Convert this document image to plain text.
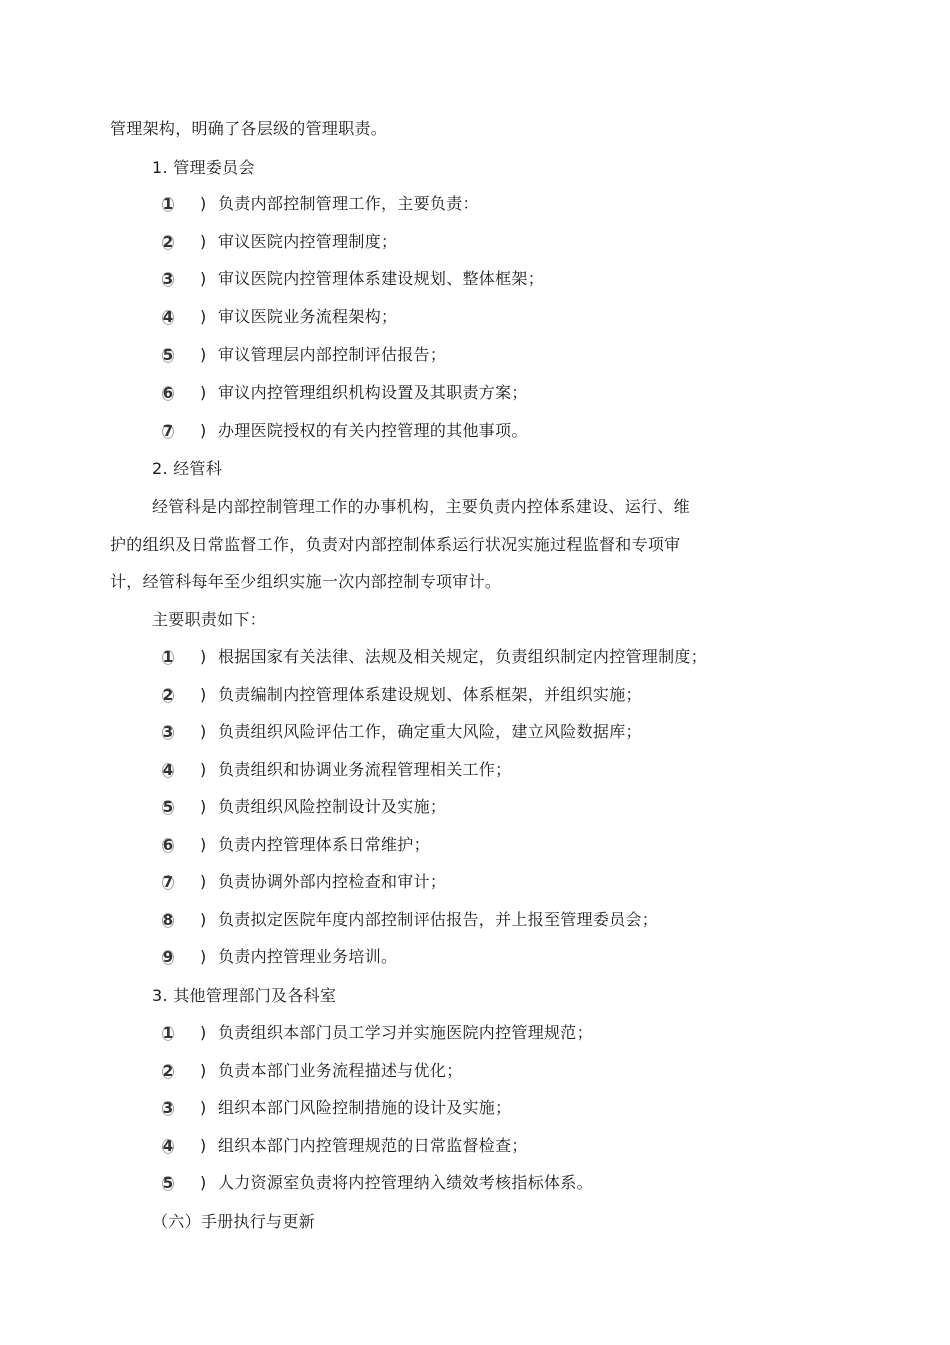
管理架构，明确了各层级的管理职责。
1. 管理委员会
1 ) 负责内部控制管理工作，主要负责：
2 ) 审议医院内控管理制度；
3 ) 审议医院内控管理体系建设规划、整体框架；
4 ) 审议医院业务流程架构；
5 ) 审议管理层内部控制评估报告；
6 ) 审议内控管理组织机构设置及其职责方案；
7 ) 办理医院授权的有关内控管理的其他事项。
2. 经管科
经管科是内部控制管理工作的办事机构，主要负责内控体系建设、运行、维
护的组织及日常监督工作，负责对内部控制体系运行状况实施过程监督和专项审
计，经管科每年至少组织实施一次内部控制专项审计。
主要职责如下：
1 ) 根据国家有关法律、法规及相关规定，负责组织制定内控管理制度；
2 ) 负责编制内控管理体系建设规划、体系框架，并组织实施；
3 ) 负责组织风险评估工作，确定重大风险，建立风险数据库；
4 ) 负责组织和协调业务流程管理相关工作；
5 ) 负责组织风险控制设计及实施；
6 ) 负责内控管理体系日常维护；
7 ) 负责协调外部内控检查和审计；
8 ) 负责拟定医院年度内部控制评估报告，并上报至管理委员会；
9 ) 负责内控管理业务培训。
3. 其他管理部门及各科室
1 ) 负责组织本部门员工学习并实施医院内控管理规范；
2 ) 负责本部门业务流程描述与优化；
3 ) 组织本部门风险控制措施的设计及实施；
4 ) 组织本部门内控管理规范的日常监督检查；
5 ) 人力资源室负责将内控管理纳入绩效考核指标体系。
（六）手册执行与更新
